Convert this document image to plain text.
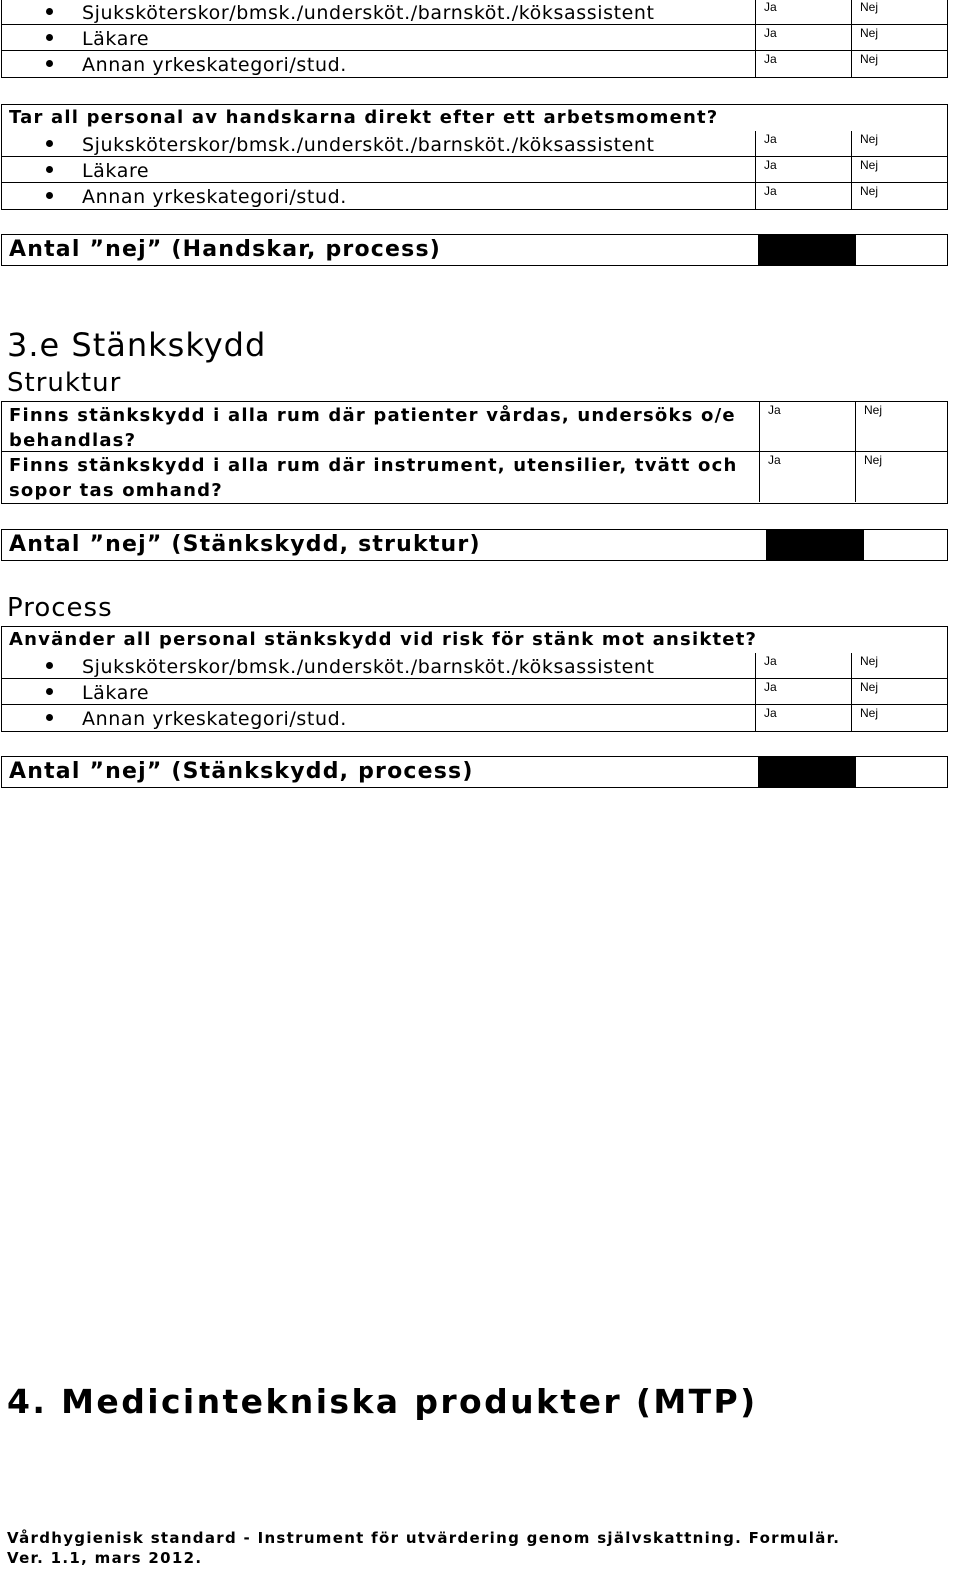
Sjuksköterskor/bmsk./undersköt./barnsköt./köksassistent	Ja	Nej
Läkare	Ja	Nej
Annan yrkeskategori/stud.	Ja	Nej
Tar all personal av handskarna direkt efter ett arbetsmoment?
Sjuksköterskor/bmsk./undersköt./barnsköt./köksassistent	Ja	Nej
Läkare	Ja	Nej
Annan yrkeskategori/stud.	Ja	Nej
Antal ”nej” (Handskar, process)
3.e Stänkskydd
Struktur
Finns stänkskydd i alla rum där patienter vårdas, undersöks o/e behandlas?
Ja	Nej
Finns stänkskydd i alla rum där instrument, utensilier, tvätt och sopor tas omhand?
Ja	Nej
Antal ”nej” (Stänkskydd, struktur)
Process
Använder all personal stänkskydd vid risk för stänk mot ansiktet?
Sjuksköterskor/bmsk./undersköt./barnsköt./köksassistent	Ja	Nej
Läkare	Ja	Nej
Annan yrkeskategori/stud.	Ja	Nej
Antal ”nej” (Stänkskydd, process)
4. Medicintekniska produkter (MTP)
Vårdhygienisk standard - Instrument för utvärdering genom självskattning. Formulär.
Ver. 1.1, mars 2012.
